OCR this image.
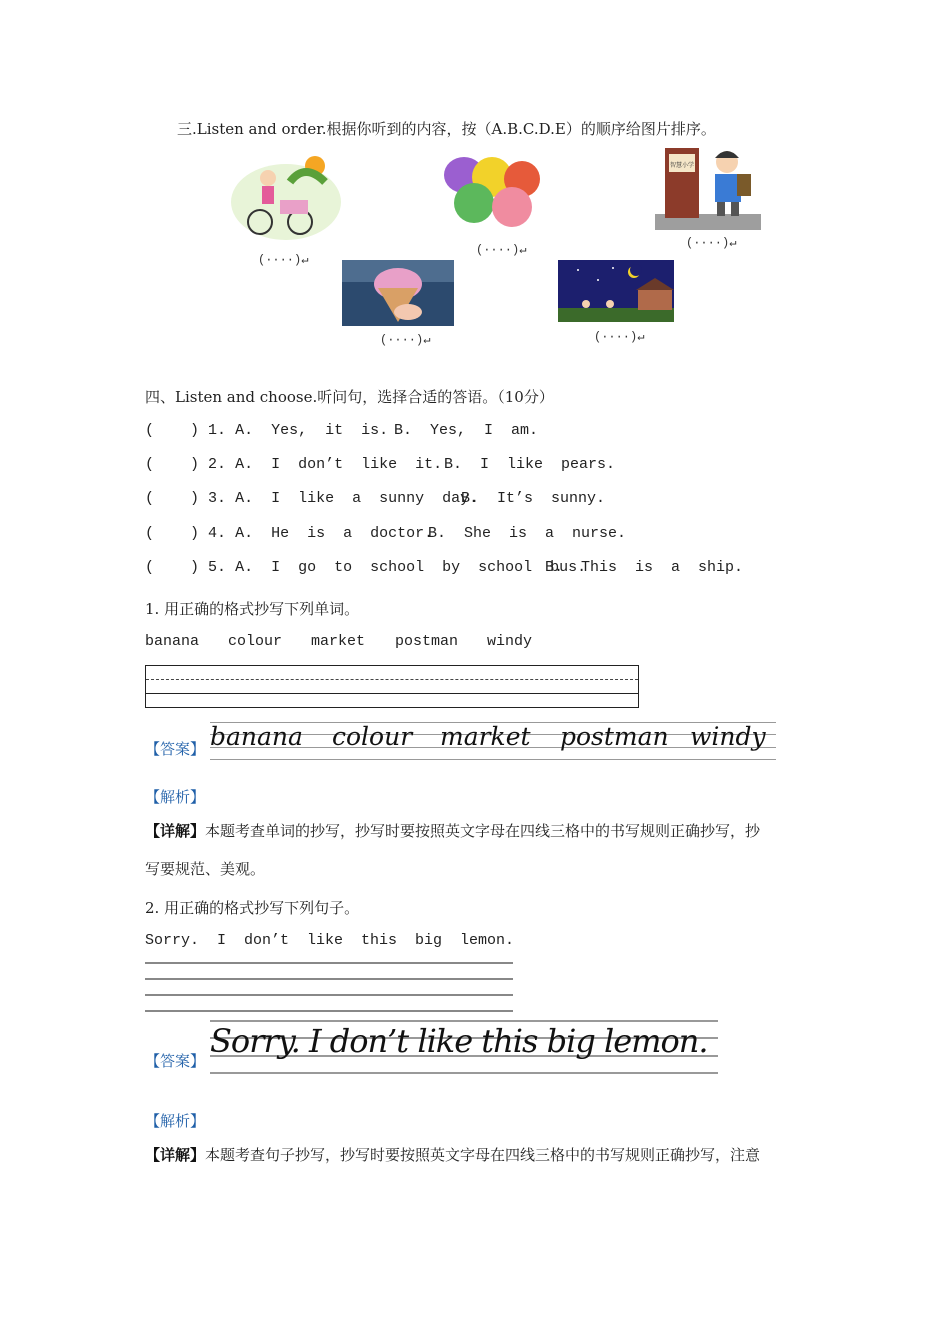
三.Listen and order.根据你听到的内容，按（A.B.C.D.E）的顺序给图片排序。
(····)↵
(····)↵
智慧小学
(····)↵
(····)↵	(····)↵
四、Listen and choose.听问句，选择合适的答语。（10分）
(    ) 1. A.  Yes,  it  is. B.  Yes,  I  am.
(    ) 2. A.  I  don’t  like  it. B.  I  like  pears.
(    ) 3. A.  I  like  a  sunny  day.
B.  It’s  sunny.
(    ) 4. A.  He  is  a  doctor.
B.  She  is  a  nurse.
(    ) 5. A.  I  go  to  school  by  school  bus.
B.  This  is  a  ship.
1. 用正确的格式抄写下列单词。
banana colour market postman windy
【答案】 banana colour market postman windy
【解析】
【详解】本题考查单词的抄写，抄写时要按照英文字母在四线三格中的书写规则正确抄写，抄
写要规范、美观。
2. 用正确的格式抄写下列句子。
Sorry.  I  don’t  like  this  big  lemon.
【答案】
Sorry. I don’t like this big lemon.
【解析】
【详解】本题考查句子抄写，抄写时要按照英文字母在四线三格中的书写规则正确抄写，注意
